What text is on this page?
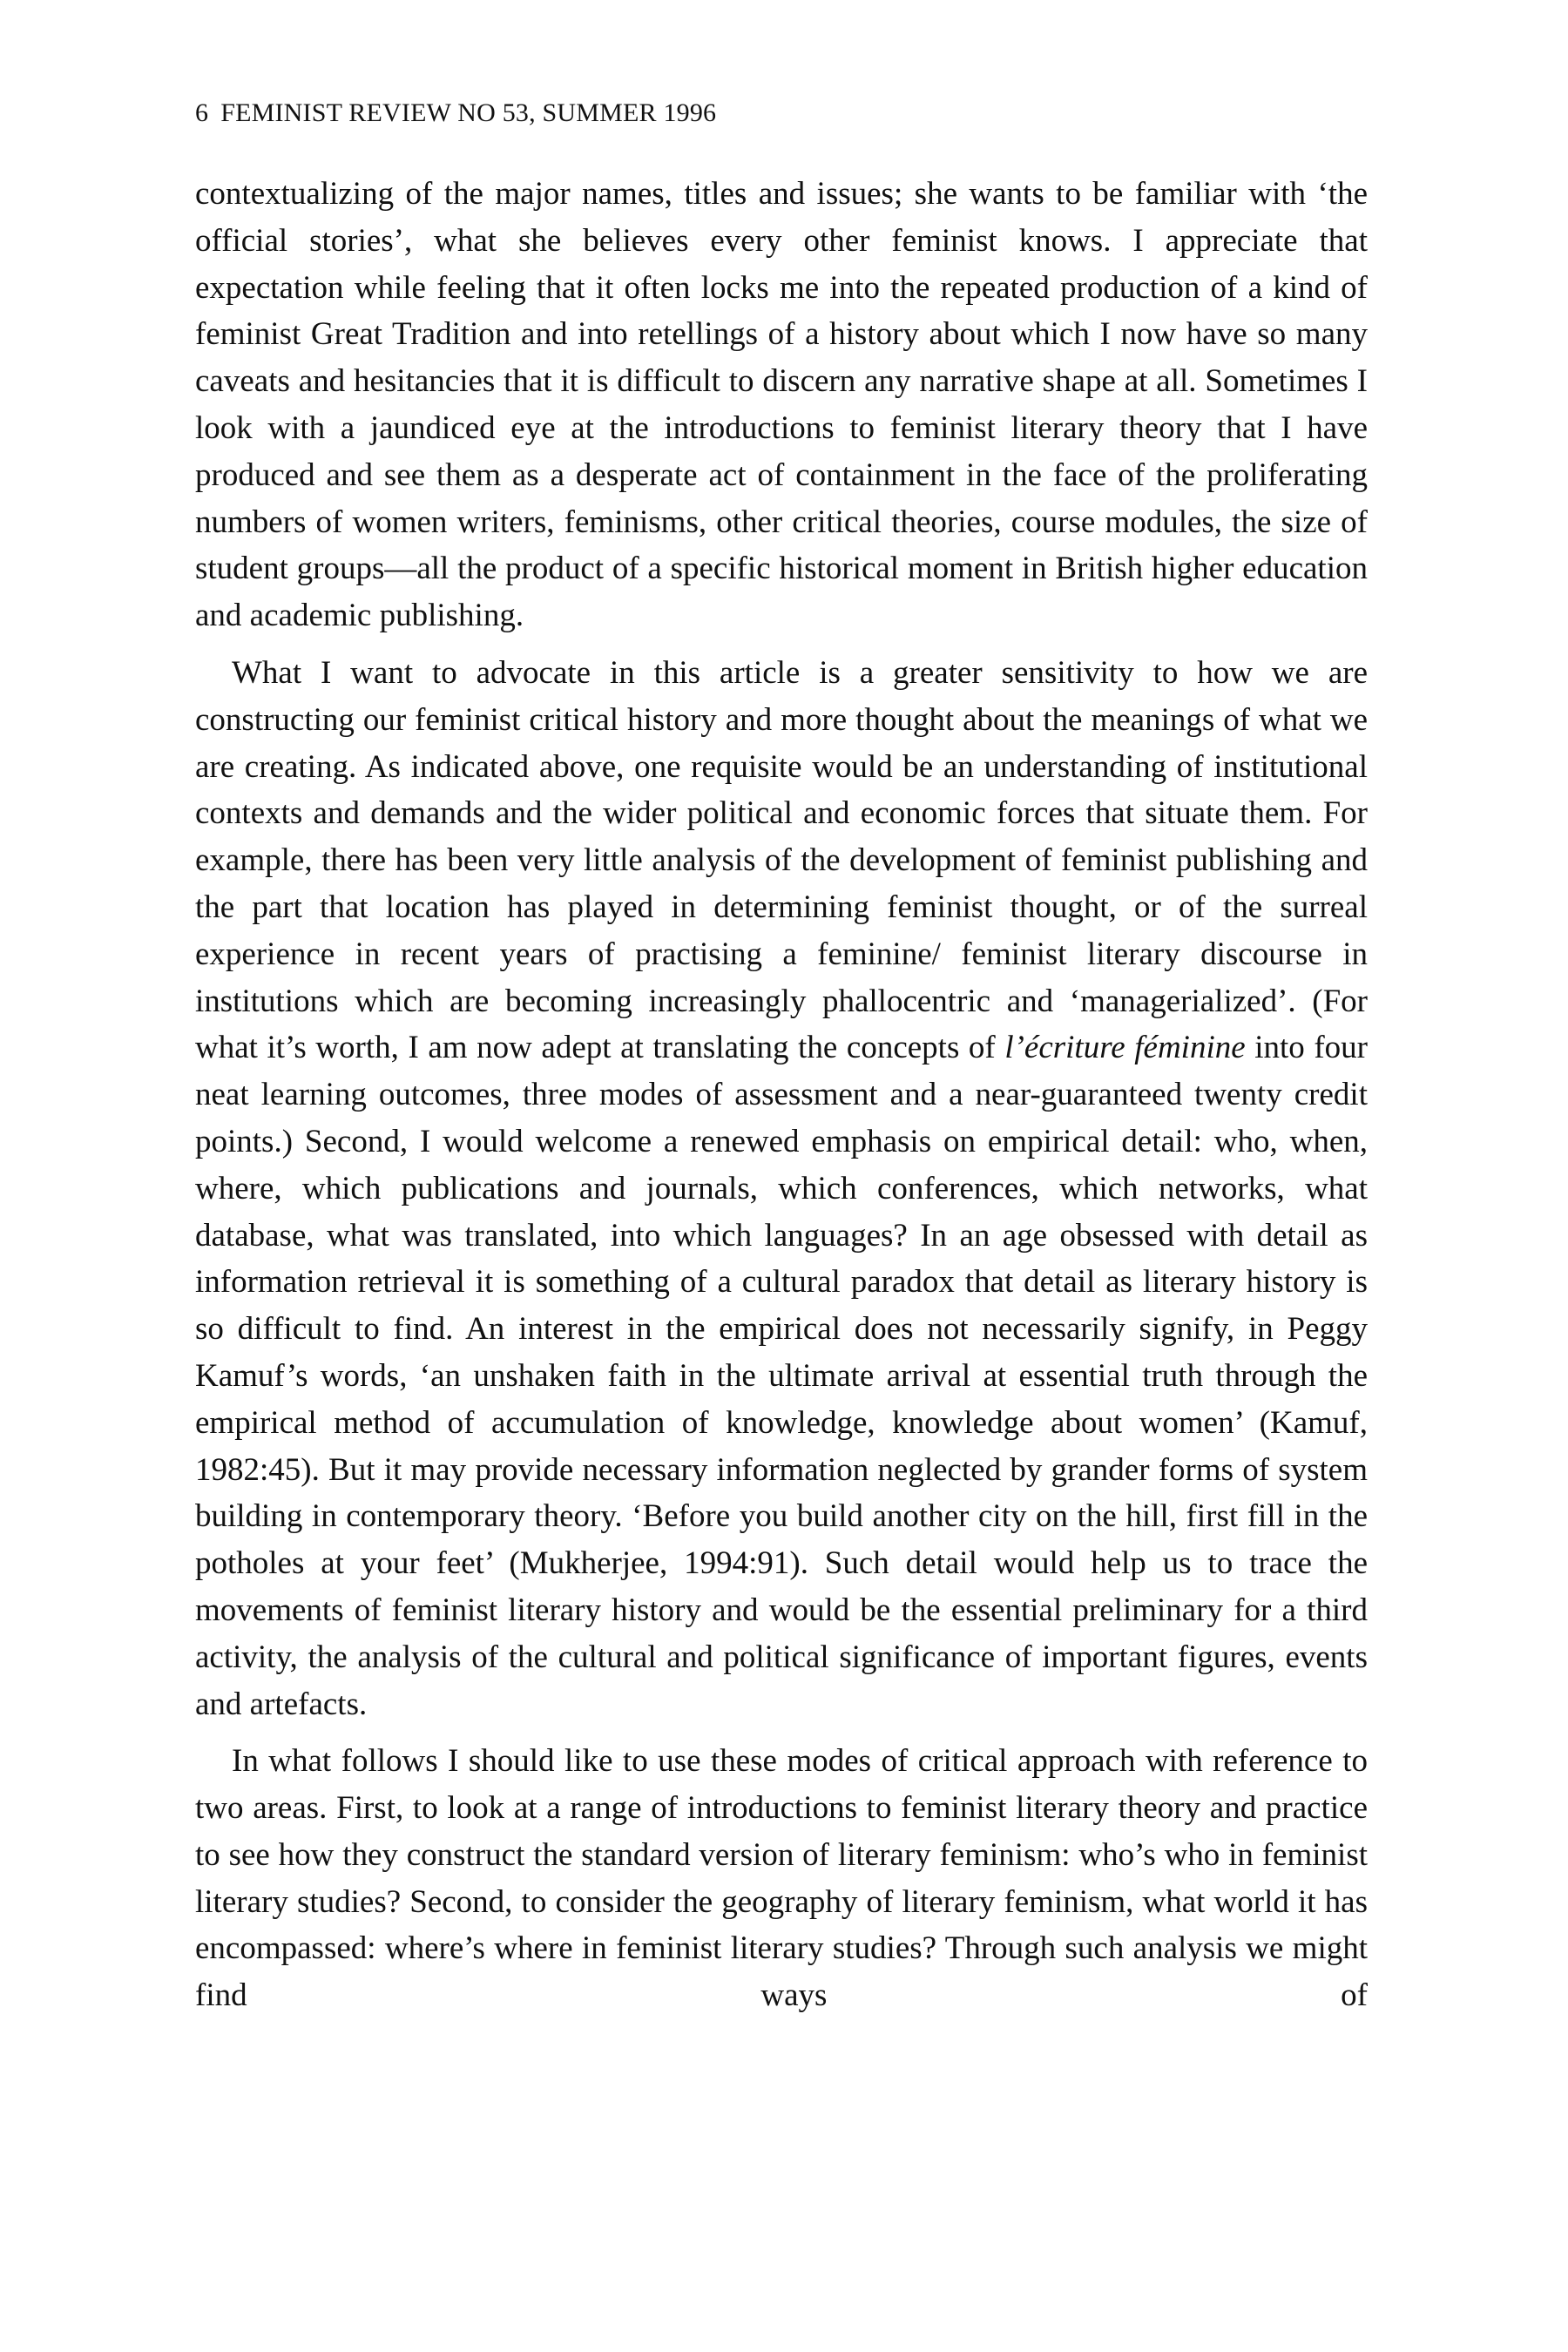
6 FEMINIST REVIEW NO 53, SUMMER 1996

contextualizing of the major names, titles and issues; she wants to be familiar with ‘the official stories’, what she believes every other feminist knows. I appreciate that expectation while feeling that it often locks me into the repeated production of a kind of feminist Great Tradition and into retellings of a history about which I now have so many caveats and hesitancies that it is difficult to discern any narrative shape at all. Sometimes I look with a jaundiced eye at the introductions to feminist literary theory that I have produced and see them as a desperate act of containment in the face of the proliferating numbers of women writers, feminisms, other critical theories, course modules, the size of student groups—all the product of a specific historical moment in British higher education and academic publishing.

What I want to advocate in this article is a greater sensitivity to how we are constructing our feminist critical history and more thought about the meanings of what we are creating. As indicated above, one requisite would be an understanding of institutional contexts and demands and the wider political and economic forces that situate them. For example, there has been very little analysis of the development of feminist publishing and the part that location has played in determining feminist thought, or of the surreal experience in recent years of practising a feminine/ feminist literary discourse in institutions which are becoming increasingly phallocentric and ‘managerialized’. (For what it’s worth, I am now adept at translating the concepts of l’écriture féminine into four neat learning outcomes, three modes of assessment and a near-guaranteed twenty credit points.) Second, I would welcome a renewed emphasis on empirical detail: who, when, where, which publications and journals, which conferences, which networks, what database, what was translated, into which languages? In an age obsessed with detail as information retrieval it is something of a cultural paradox that detail as literary history is so difficult to find. An interest in the empirical does not necessarily signify, in Peggy Kamuf’s words, ‘an unshaken faith in the ultimate arrival at essential truth through the empirical method of accumulation of knowledge, knowledge about women’ (Kamuf, 1982:45). But it may provide necessary information neglected by grander forms of system building in contemporary theory. ‘Before you build another city on the hill, first fill in the potholes at your feet’ (Mukherjee, 1994:91). Such detail would help us to trace the movements of feminist literary history and would be the essential preliminary for a third activity, the analysis of the cultural and political significance of important figures, events and artefacts.

In what follows I should like to use these modes of critical approach with reference to two areas. First, to look at a range of introductions to feminist literary theory and practice to see how they construct the standard version of literary feminism: who’s who in feminist literary studies? Second, to consider the geography of literary feminism, what world it has encompassed: where’s where in feminist literary studies? Through such analysis we might find ways of
